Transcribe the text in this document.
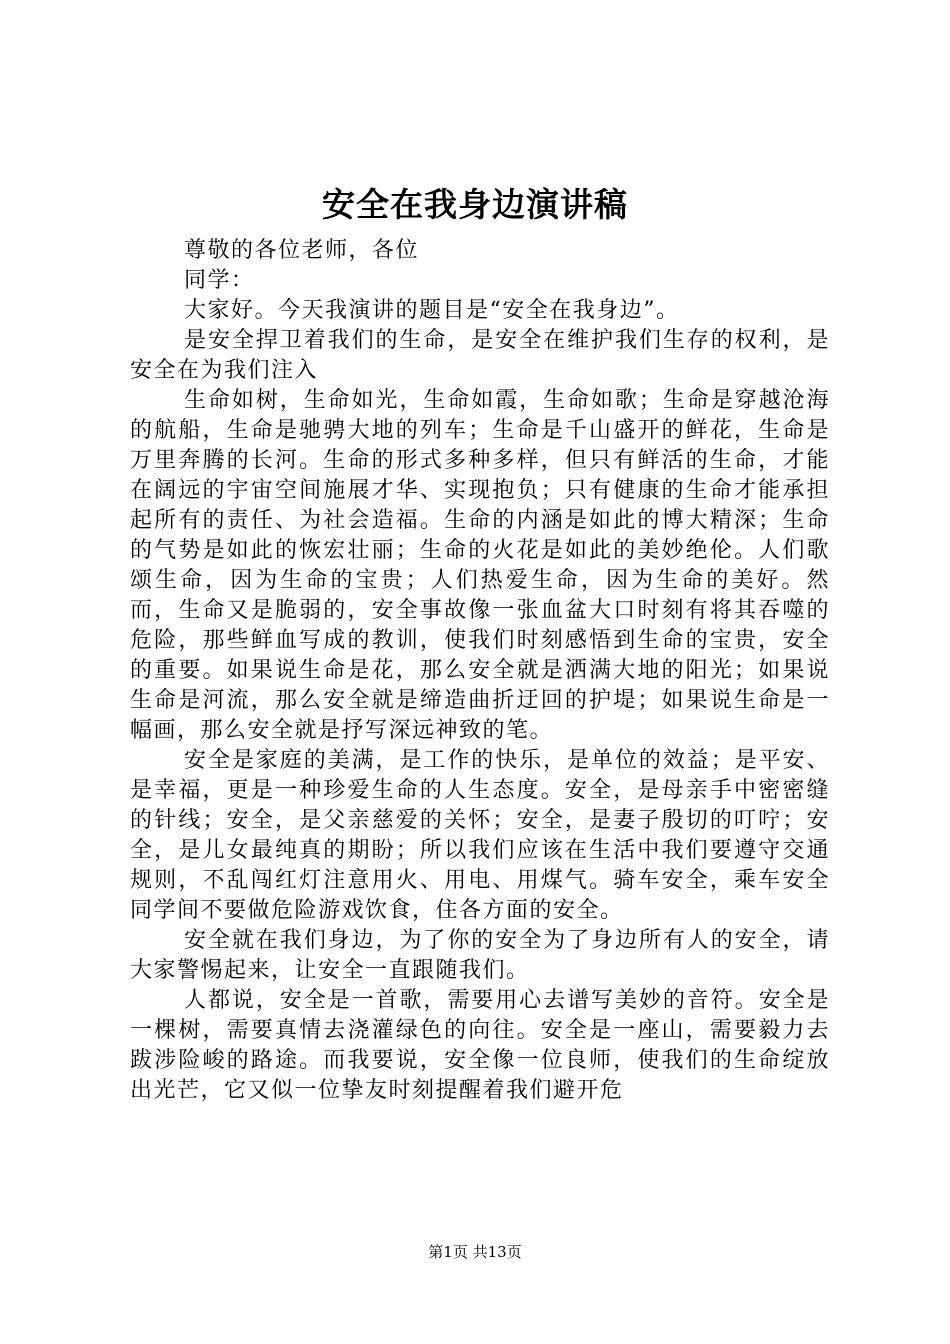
安全在我身边演讲稿

尊敬的各位老师，各位

同学：

大家好。今天我演讲的题目是“安全在我身边”。

是安全捍卫着我们的生命，是安全在维护我们生存的权利，是安全在为我们注入

生命如树，生命如光，生命如霞，生命如歌；生命是穿越沧海的航船，生命是驰骋大地的列车；生命是千山盛开的鲜花，生命是万里奔腾的长河。生命的形式多种多样，但只有鲜活的生命，才能在阔远的宇宙空间施展才华、实现抱负；只有健康的生命才能承担起所有的责任、为社会造福。生命的内涵是如此的博大精深；生命的气势是如此的恢宏壮丽；生命的火花是如此的美妙绝伦。人们歌颂生命，因为生命的宝贵；人们热爱生命，因为生命的美好。然而，生命又是脆弱的，安全事故像一张血盆大口时刻有将其吞噬的危险，那些鲜血写成的教训，使我们时刻感悟到生命的宝贵，安全的重要。如果说生命是花，那么安全就是洒满大地的阳光；如果说生命是河流，那么安全就是缔造曲折迂回的护堤；如果说生命是一幅画，那么安全就是抒写深远神致的笔。

安全是家庭的美满，是工作的快乐，是单位的效益；是平安、是幸福，更是一种珍爱生命的人生态度。安全，是母亲手中密密缝的针线；安全，是父亲慈爱的关怀；安全，是妻子殷切的叮咛；安全，是儿女最纯真的期盼；所以我们应该在生活中我们要遵守交通规则，不乱闯红灯注意用火、用电、用煤气。骑车安全，乘车安全同学间不要做危险游戏饮食，住各方面的安全。

安全就在我们身边，为了你的安全为了身边所有人的安全，请大家警惕起来，让安全一直跟随我们。

人都说，安全是一首歌，需要用心去谱写美妙的音符。安全是一棵树，需要真情去浇灌绿色的向往。安全是一座山，需要毅力去跋涉险峻的路途。而我要说，安全像一位良师，使我们的生命绽放出光芒，它又似一位挚友时刻提醒着我们避开危

第1页 共13页
